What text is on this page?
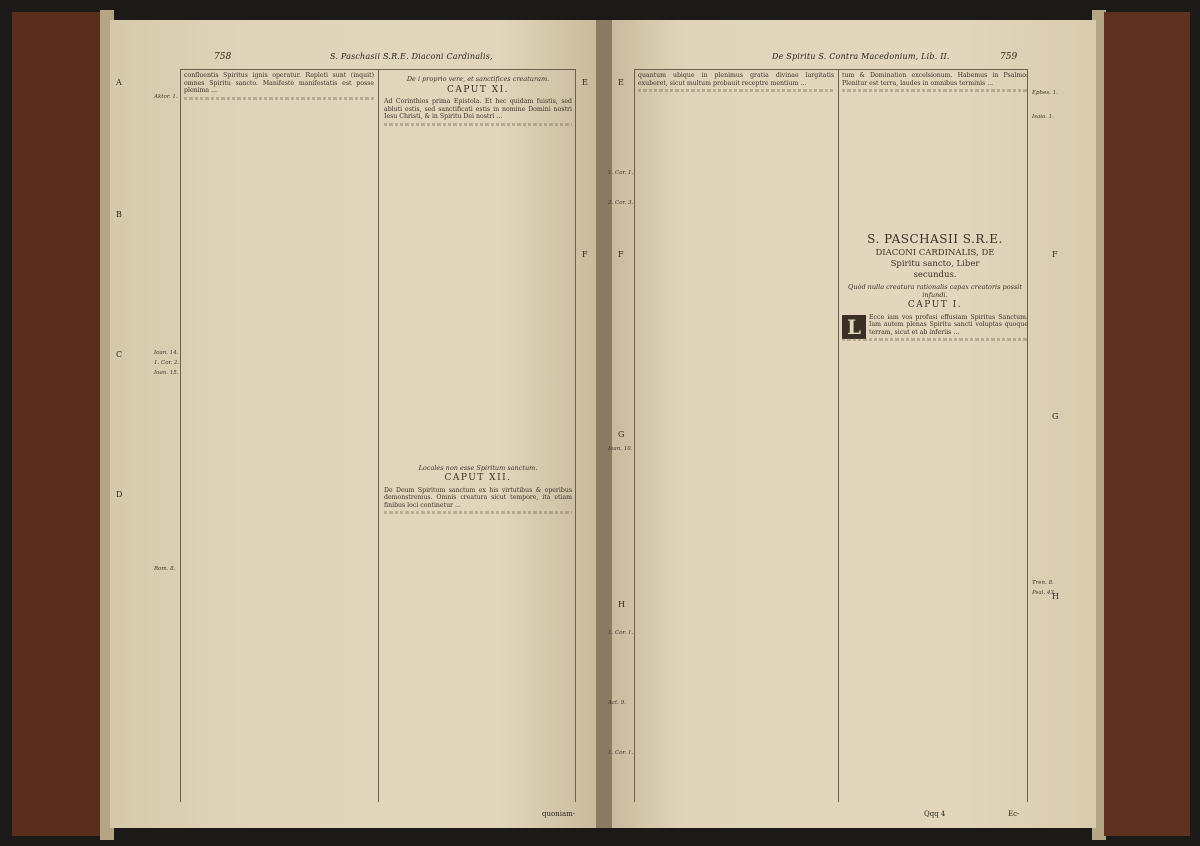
758	S. Paschasii S.R.E. Diaconi Cardinalis,
A
B
C
D
E
F
Aktor. 1.
Ioan. 14.
1. Cor. 2.
Ioan. 15.
Rom. 8.

confluentis Spiritus ignis operatur. Repleti sunt (inquit) omnes Spiritu sancto. Manifestè manifestatis est posse plenima ...

De i proprio vere, et sanctifices creaturam.
CAPUT XI.

Ad Corinthios prima Epistola. Et hec quidam fuistis, sed abluti estis, sed sanctificati estis in nomine Domini nostri Iesu Christi, & in Spiritu Dei nostri ...

Locales non esse Spiritum sanctum.
CAPUT XII.

De Deum Spiritum sanctum ex his virtutibus & operibus demonstremus. Omnis creatura sicut tempore, ita etiam finibus loci continetur ...

quoniam-
De Spiritu S. Contra Macedonium, Lib. II.	759
E
F
G
H
F
G
H
1. Cor. 1.
2. Cor. 3.
Ioan. 10.
1. Cor. 1.
Act. 9.
1. Cor. 1.
Ephes. 1.
Isaia. 1.
Tren. 8.
Psal. 43.

quantum ubique in plenimus gratia divinae largitatis exuberet, sicut multum probauit receptre mentium ...

tum & Domination excelsionum. Habemus in Psalmo: Plenitur est terra, laudes in omnibus terminis ...

S. PASCHASII S.R.E.
DIACONI CARDINALIS, DE
Spiritu sancto, Liber
secundus.
Quòd nulla creatura rationalis capax creatoris possit infundi.
CAPUT I.

L	Ecce iam vos profusi effusiam Spiritus Sanctum. Iam autem plenas Spiritu sancti voluptas quoque terram, sicut et ab inferiis ...

Qqq 4	Ec-
